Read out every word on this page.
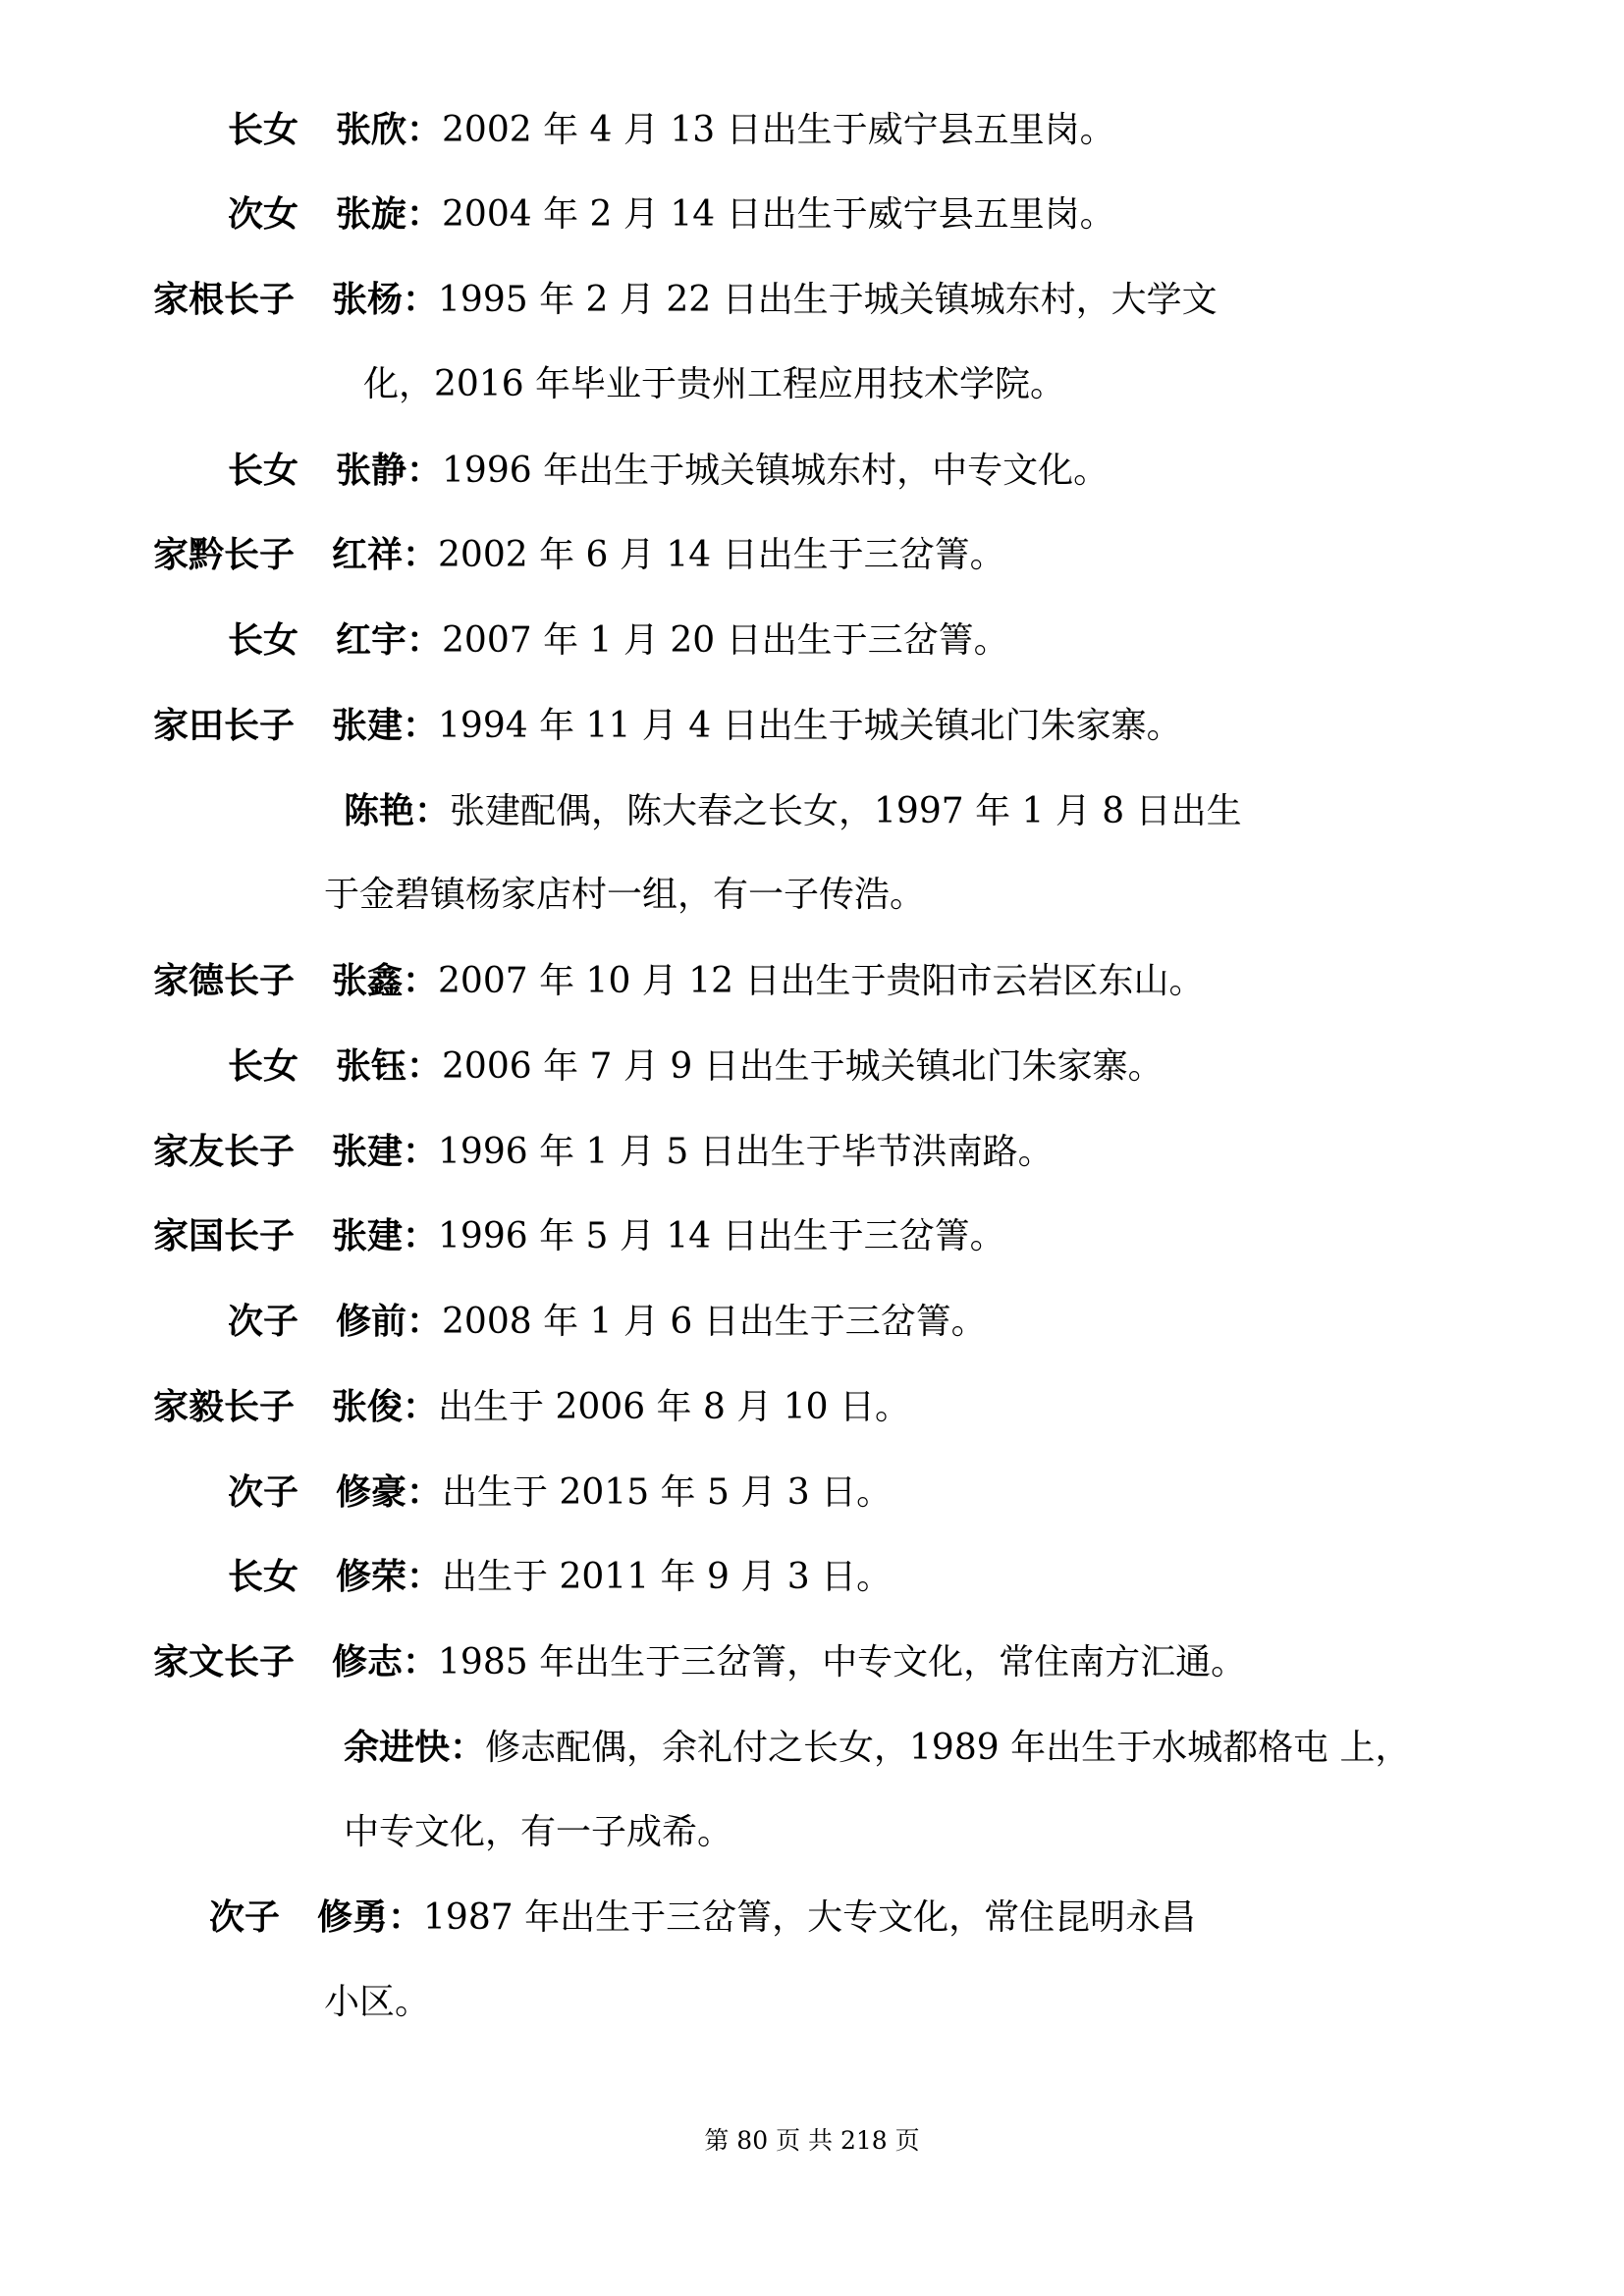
长女 张欣：2002 年 4 月 13 日出生于威宁县五里岗。
次女 张旋：2004 年 2 月 14 日出生于威宁县五里岗。
家根长子 张杨：1995 年 2 月 22 日出生于城关镇城东村，大学文
化，2016 年毕业于贵州工程应用技术学院。
长女 张静：1996 年出生于城关镇城东村，中专文化。
家黔长子 红祥：2002 年 6 月 14 日出生于三岔箐。
长女 红宇：2007 年 1 月 20 日出生于三岔箐。
家田长子 张建：1994 年 11 月 4 日出生于城关镇北门朱家寨。
陈艳：张建配偶，陈大春之长女，1997 年 1 月 8 日出生
于金碧镇杨家店村一组，有一子传浩。
家德长子 张鑫：2007 年 10 月 12 日出生于贵阳市云岩区东山。
长女 张钰：2006 年 7 月 9 日出生于城关镇北门朱家寨。
家友长子 张建：1996 年 1 月 5 日出生于毕节洪南路。
家国长子 张建：1996 年 5 月 14 日出生于三岔箐。
次子 修前：2008 年 1 月 6 日出生于三岔箐。
家毅长子 张俊：出生于 2006 年 8 月 10 日。
次子 修豪：出生于 2015 年 5 月 3 日。
长女 修荣：出生于 2011 年 9 月 3 日。
家文长子 修志：1985 年出生于三岔箐，中专文化，常住南方汇通。
余进快：修志配偶，余礼付之长女，1989 年出生于水城都格屯 上，
中专文化，有一子成希。
次子 修勇：1987 年出生于三岔箐，大专文化，常住昆明永昌
小区。
第 80 页 共 218 页
